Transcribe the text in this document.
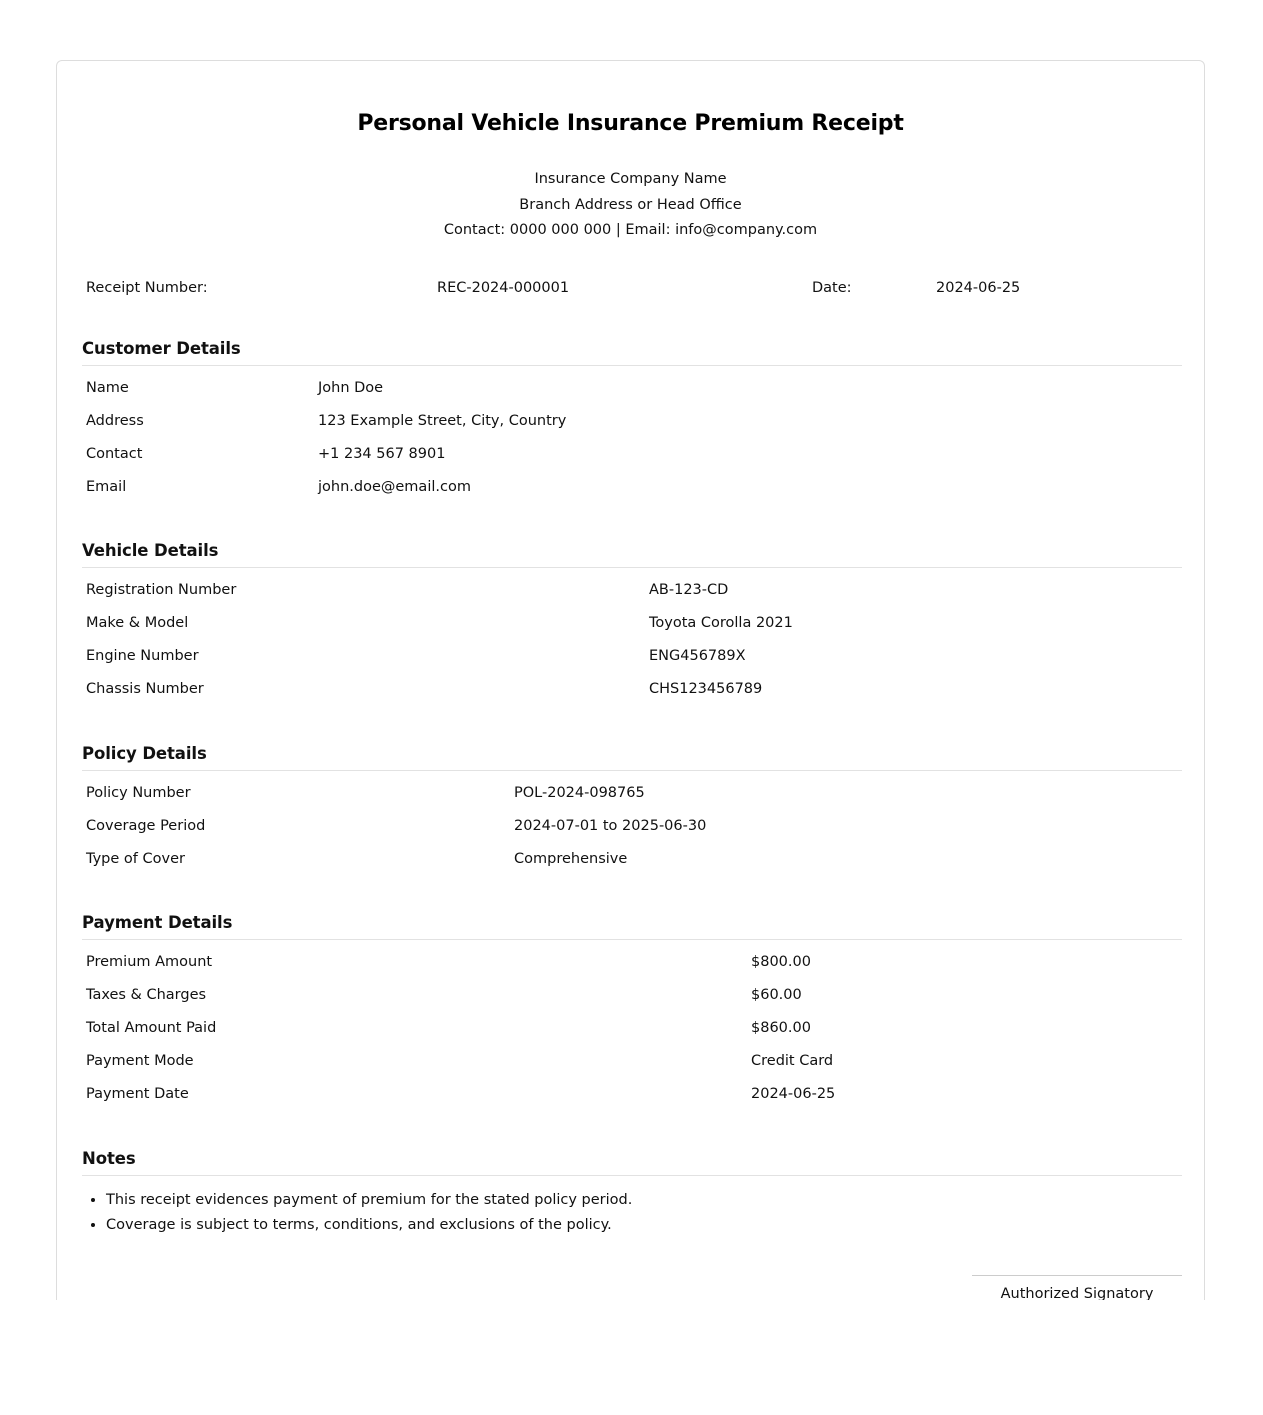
Personal Vehicle Insurance Premium Receipt
Insurance Company Name
Branch Address or Head Office
Contact: 0000 000 000 | Email: info@company.com
Receipt Number:	REC-2024-000001	Date:	2024-06-25
Customer Details
Name	John Doe
Address	123 Example Street, City, Country
Contact	+1 234 567 8901
Email	john.doe@email.com
Vehicle Details
Registration Number	AB-123-CD
Make & Model	Toyota Corolla 2021
Engine Number	ENG456789X
Chassis Number	CHS123456789
Policy Details
Policy Number	POL-2024-098765
Coverage Period	2024-07-01 to 2025-06-30
Type of Cover	Comprehensive
Payment Details
Premium Amount	$800.00
Taxes & Charges	$60.00
Total Amount Paid	$860.00
Payment Mode	Credit Card
Payment Date	2024-06-25
Notes
• This receipt evidences payment of premium for the stated policy period.
• Coverage is subject to terms, conditions, and exclusions of the policy.
Authorized Signatory
